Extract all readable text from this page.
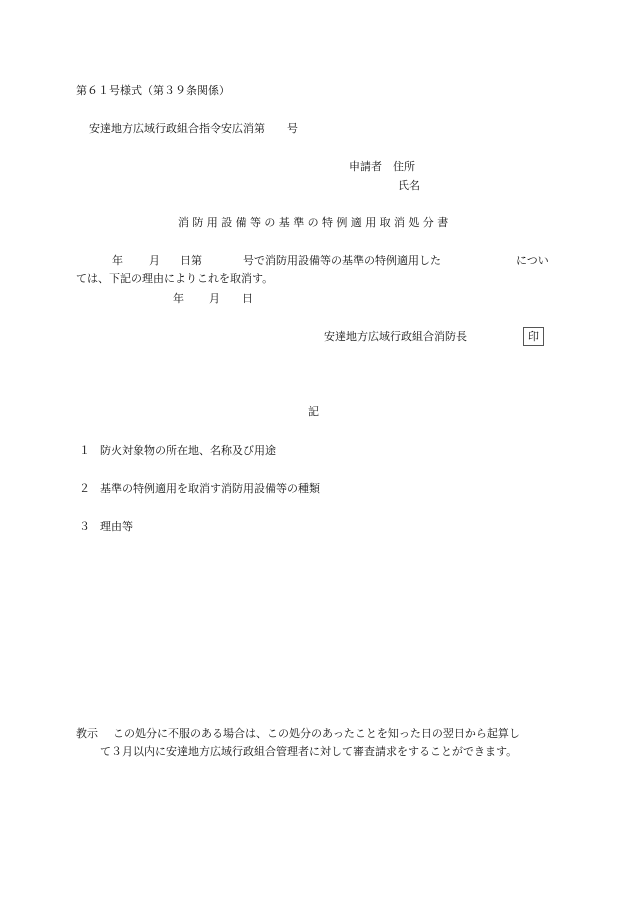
第６１号様式（第３９条関係）
安達地方広域行政組合指令安広消第　　号
申請者　住所
氏名
消防用設備等の基準の特例適用取消処分書
年 月 日第	号で消防用設備等の基準の特例適用した	につい
ては、下記の理由によりこれを取消す。
年 月 日
安達地方広域行政組合消防長	印
記
１ 防火対象物の所在地、名称及び用途
２ 基準の特例適用を取消す消防用設備等の種類
３ 理由等
教示 この処分に不服のある場合は、この処分のあったことを知った日の翌日から起算し
て３月以内に安達地方広域行政組合管理者に対して審査請求をすることができます。
